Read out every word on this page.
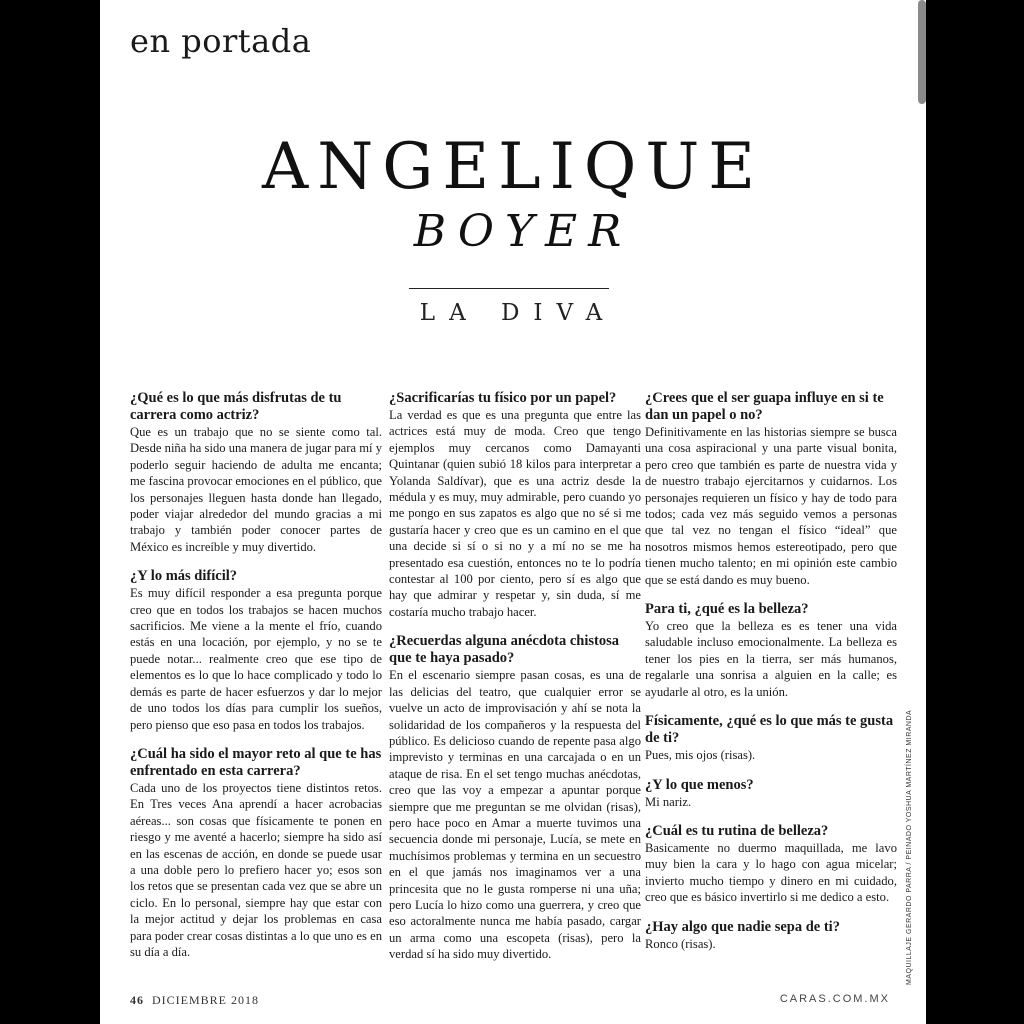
en portada
ANGELIQUE
BOYER
LA DIVA

¿Qué es lo que más disfrutas de tu carrera como actriz?

Que es un trabajo que no se siente como tal. Desde niña ha sido una manera de jugar para mí y poderlo seguir haciendo de adulta me encanta; me fascina provocar emociones en el público, que los personajes lleguen hasta donde han llegado, poder viajar alrededor del mundo gracias a mi trabajo y también poder conocer partes de México es increíble y muy divertido.

¿Y lo más difícil?

Es muy difícil responder a esa pregunta porque creo que en todos los trabajos se hacen muchos sacrificios. Me viene a la mente el frío, cuando estás en una locación, por ejemplo, y no se te puede notar... realmente creo que ese tipo de elementos es lo que lo hace complicado y todo lo demás es parte de hacer esfuerzos y dar lo mejor de uno todos los días para cumplir los sueños, pero pienso que eso pasa en todos los trabajos.

¿Cuál ha sido el mayor reto al que te has enfrentado en esta carrera?

Cada uno de los proyectos tiene distintos retos. En Tres veces Ana aprendí a hacer acrobacias aéreas... son cosas que físicamente te ponen en riesgo y me aventé a hacerlo; siempre ha sido así en las escenas de acción, en donde se puede usar a una doble pero lo prefiero hacer yo; esos son los retos que se presentan cada vez que se abre un ciclo. En lo personal, siempre hay que estar con la mejor actitud y dejar los problemas en casa para poder crear cosas distintas a lo que uno es en su día a día.

¿Sacrificarías tu físico por un papel?

La verdad es que es una pregunta que entre las actrices está muy de moda. Creo que tengo ejemplos muy cercanos como Damayanti Quintanar (quien subió 18 kilos para interpretar a Yolanda Saldívar), que es una actriz desde la médula y es muy, muy admirable, pero cuando yo me pongo en sus zapatos es algo que no sé si me gustaría hacer y creo que es un camino en el que una decide si sí o si no y a mí no se me ha presentado esa cuestión, entonces no te lo podría contestar al 100 por ciento, pero sí es algo que hay que admirar y respetar y, sin duda, sí me costaría mucho trabajo hacer.

¿Recuerdas alguna anécdota chistosa que te haya pasado?

En el escenario siempre pasan cosas, es una de las delicias del teatro, que cualquier error se vuelve un acto de improvisación y ahí se nota la solidaridad de los compañeros y la respuesta del público. Es delicioso cuando de repente pasa algo imprevisto y terminas en una carcajada o en un ataque de risa. En el set tengo muchas anécdotas, creo que las voy a empezar a apuntar porque siempre que me preguntan se me olvidan (risas), pero hace poco en Amar a muerte tuvimos una secuencia donde mi personaje, Lucía, se mete en muchísimos problemas y termina en un secuestro en el que jamás nos imaginamos ver a una princesita que no le gusta romperse ni una uña; pero Lucía lo hizo como una guerrera, y creo que eso actoralmente nunca me había pasado, cargar un arma como una escopeta (risas), pero la verdad sí ha sido muy divertido.

¿Crees que el ser guapa influye en si te dan un papel o no?

Definitivamente en las historias siempre se busca una cosa aspiracional y una parte visual bonita, pero creo que también es parte de nuestra vida y de nuestro trabajo ejercitarnos y cuidarnos. Los personajes requieren un físico y hay de todo para todos; cada vez más seguido vemos a personas que tal vez no tengan el físico “ideal” que nosotros mismos hemos estereotipado, pero que tienen mucho talento; en mi opinión este cambio que se está dando es muy bueno.

Para ti, ¿qué es la belleza?

Yo creo que la belleza es es tener una vida saludable incluso emocionalmente. La belleza es tener los pies en la tierra, ser más humanos, regalarle una sonrisa a alguien en la calle; es ayudarle al otro, es la unión.

Físicamente, ¿qué es lo que más te gusta de ti?

Pues, mis ojos (risas).

¿Y lo que menos?

Mi nariz.

¿Cuál es tu rutina de belleza?

Basicamente no duermo maquillada, me lavo muy bien la cara y lo hago con agua micelar; invierto mucho tiempo y dinero en mi cuidado, creo que es básico invertirlo si me dedico a esto.

¿Hay algo que nadie sepa de ti?

Ronco (risas).

46 DICIEMBRE 2018	CARAS.COM.MX
MAQUILLAJE GERARDO PARRA / PEINADO YOSHUA MARTÍNEZ MIRANDA
